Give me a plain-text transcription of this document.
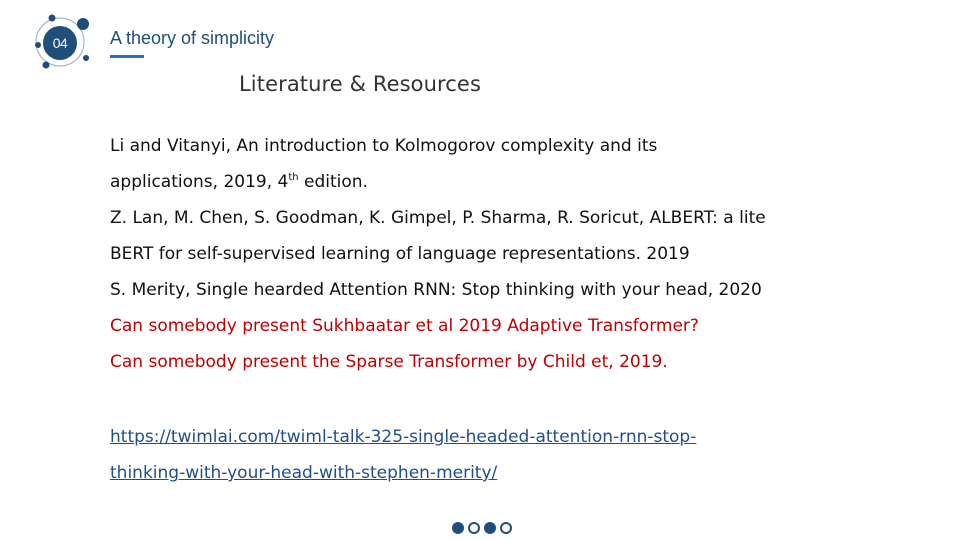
04	A theory of simplicity
Literature & Resources
Li and Vitanyi, An introduction to Kolmogorov complexity and its
applications, 2019, 4th edition.
Z. Lan, M. Chen, S. Goodman, K. Gimpel, P. Sharma, R. Soricut, ALBERT: a lite
BERT for self-supervised learning of language representations. 2019
S. Merity, Single hearded Attention RNN: Stop thinking with your head, 2020
Can somebody present Sukhbaatar et al 2019 Adaptive Transformer?
Can somebody present the Sparse Transformer by Child et, 2019.
https://twimlai.com/twiml-talk-325-single-headed-attention-rnn-stop-
thinking-with-your-head-with-stephen-merity/
